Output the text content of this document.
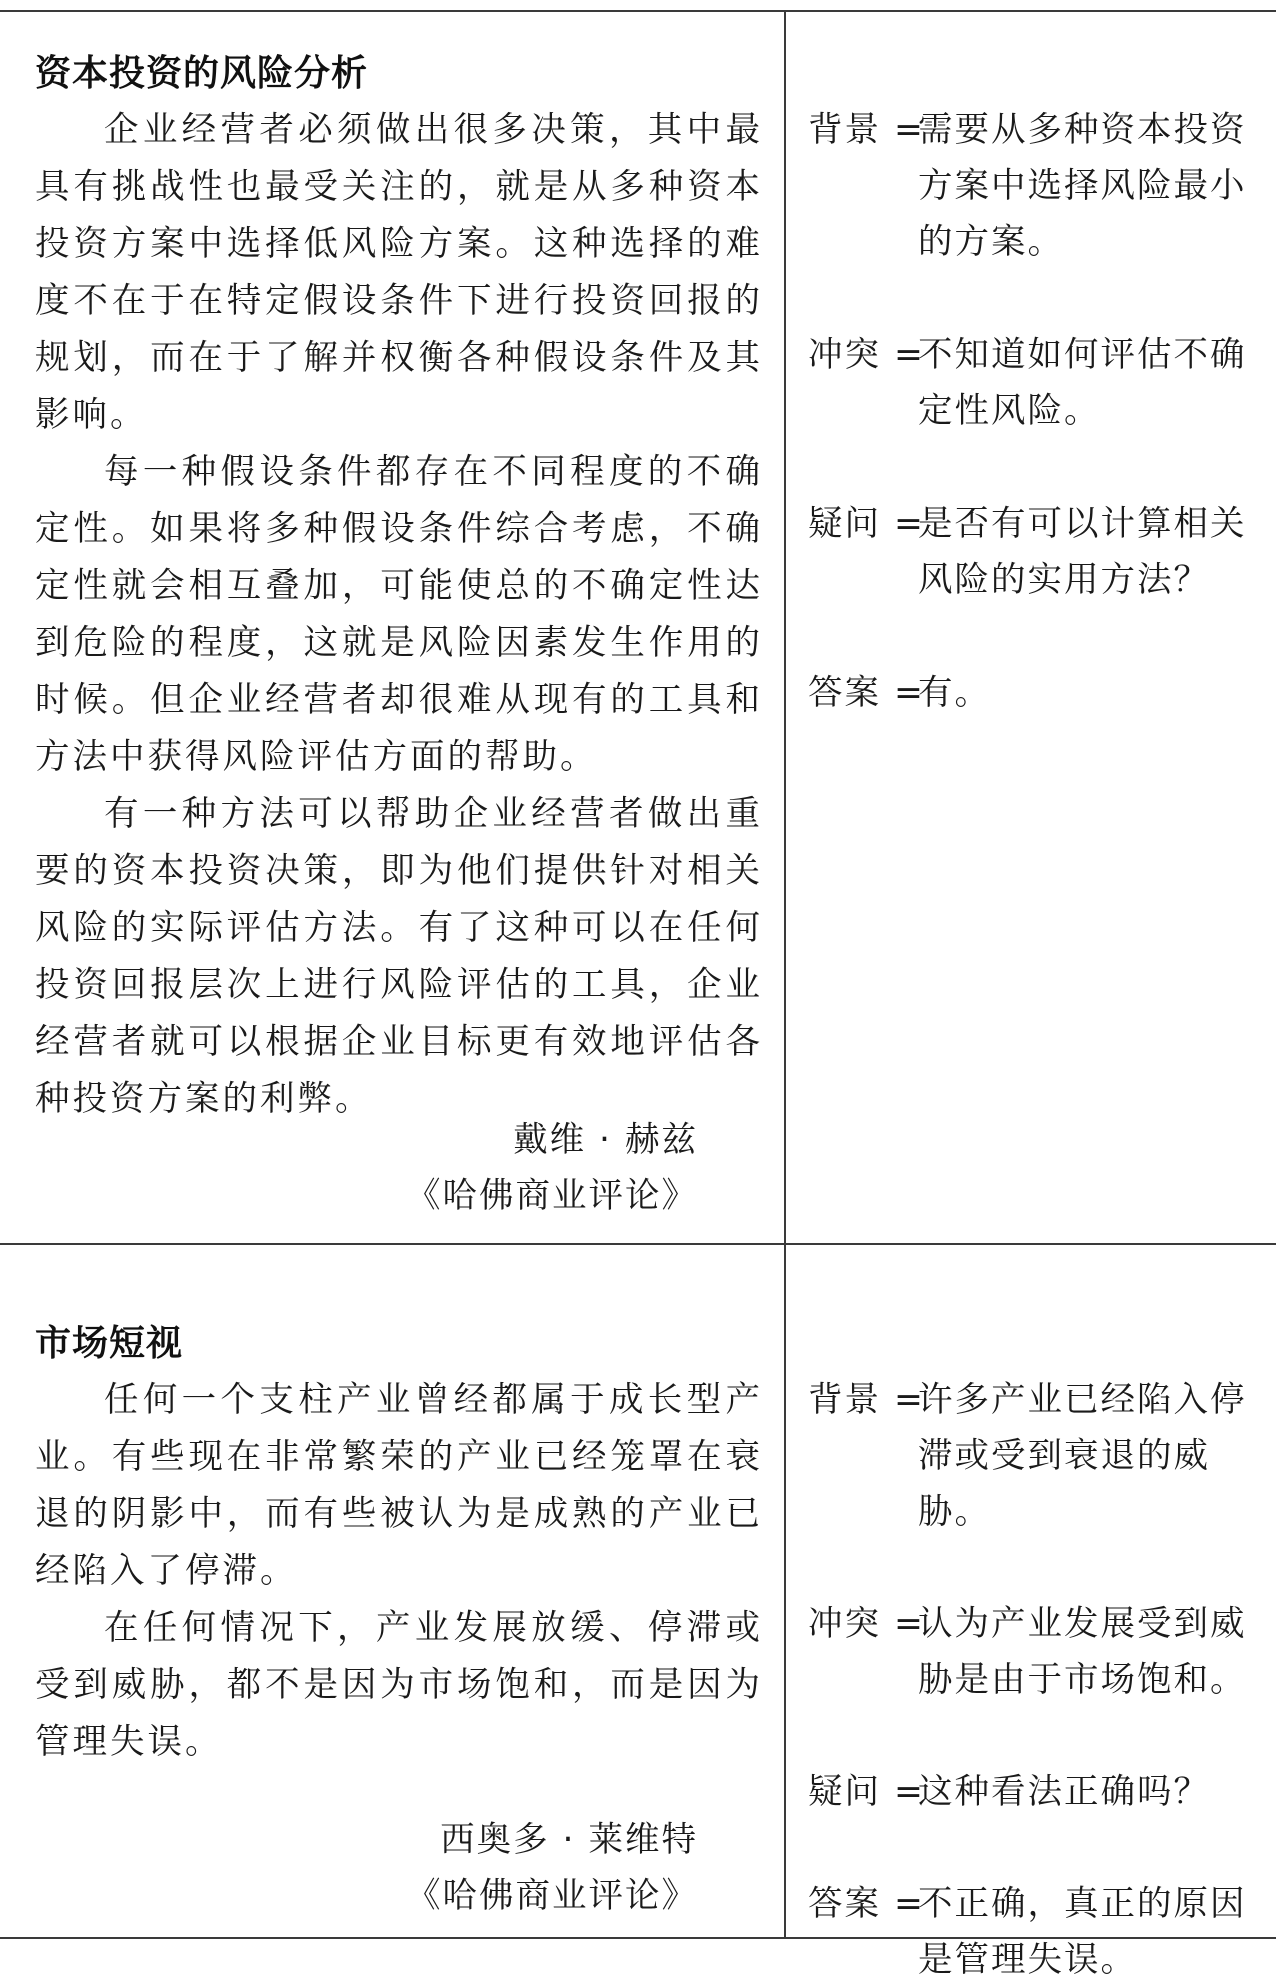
资本投资的风险分析

企业经营者必须做出很多决策，其中最具有挑战性也最受关注的，就是从多种资本投资方案中选择低风险方案。这种选择的难度不在于在特定假设条件下进行投资回报的规划，而在于了解并权衡各种假设条件及其影响。

每一种假设条件都存在不同程度的不确定性。如果将多种假设条件综合考虑，不确定性就会相互叠加，可能使总的不确定性达到危险的程度，这就是风险因素发生作用的时候。但企业经营者却很难从现有的工具和方法中获得风险评估方面的帮助。

有一种方法可以帮助企业经营者做出重要的资本投资决策，即为他们提供针对相关风险的实际评估方法。有了这种可以在任何投资回报层次上进行风险评估的工具，企业经营者就可以根据企业目标更有效地评估各种投资方案的利弊。

戴维 · 赫兹
《哈佛商业评论》
背景 =
需要从多种资本投资方案中选择风险最小的方案。
冲突 =
不知道如何评估不确定性风险。
疑问 =
是否有可以计算相关风险的实用方法？
答案 =
有。
市场短视

任何一个支柱产业曾经都属于成长型产业。有些现在非常繁荣的产业已经笼罩在衰退的阴影中，而有些被认为是成熟的产业已经陷入了停滞。

在任何情况下，产业发展放缓、停滞或受到威胁，都不是因为市场饱和，而是因为管理失误。

西奥多 · 莱维特
《哈佛商业评论》
背景 =
许多产业已经陷入停滞或受到衰退的威胁。
冲突 =
认为产业发展受到威胁是由于市场饱和。
疑问 =
这种看法正确吗？
答案 =
不正确，真正的原因是管理失误。
